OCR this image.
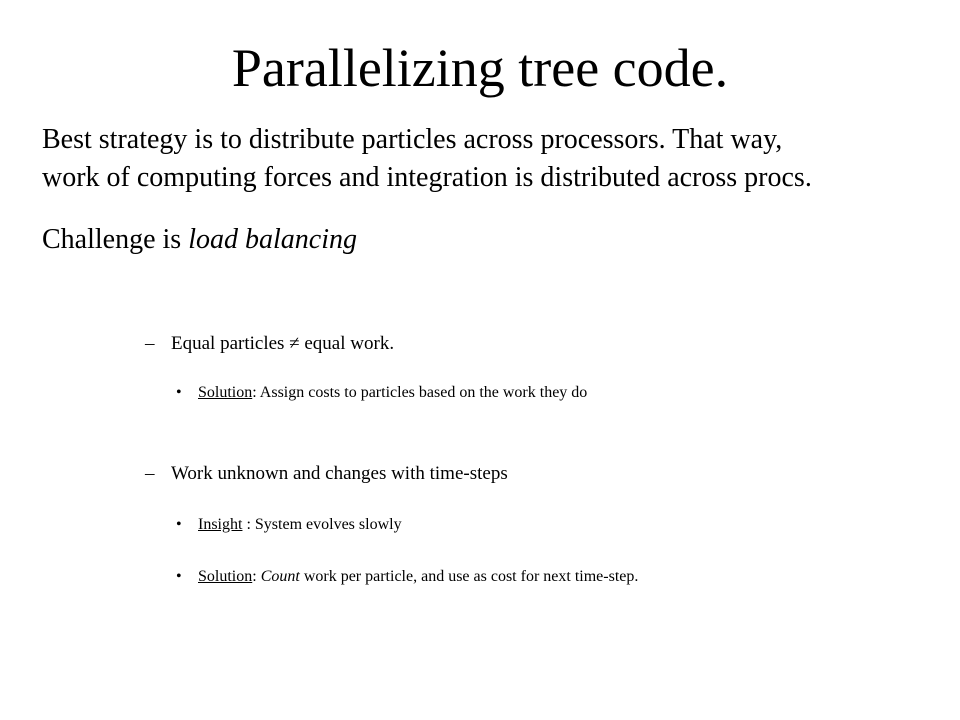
Parallelizing tree code.
Best strategy is to distribute particles across processors. That way,
work of computing forces and integration is distributed across procs.
Challenge is load balancing
– Equal particles ≠ equal work.
• Solution: Assign costs to particles based on the work they do
– Work unknown and changes with time-steps
• Insight : System evolves slowly
• Solution: Count work per particle, and use as cost for next time-step.
